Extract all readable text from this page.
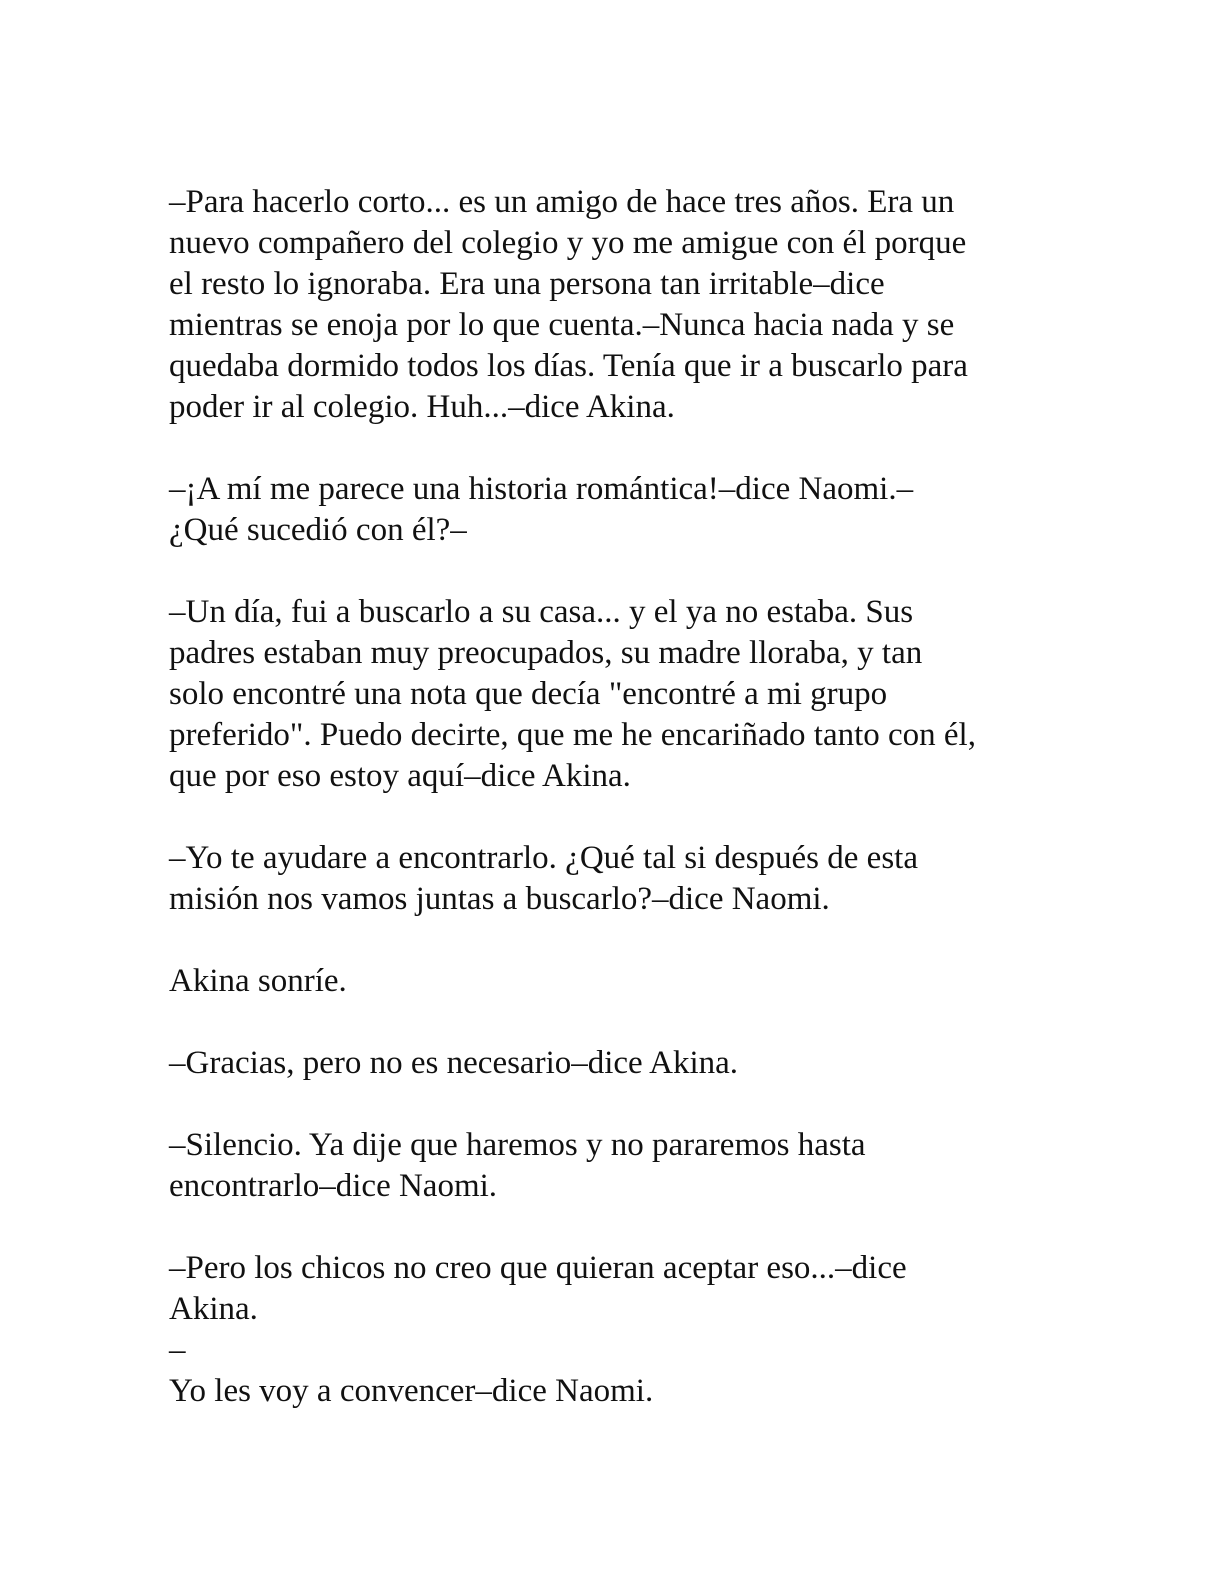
–Para hacerlo corto... es un amigo de hace tres años. Era un
nuevo compañero del colegio y yo me amigue con él porque
el resto lo ignoraba. Era una persona tan irritable–dice
mientras se enoja por lo que cuenta.–Nunca hacia nada y se
quedaba dormido todos los días. Tenía que ir a buscarlo para
poder ir al colegio. Huh...–dice Akina.

–¡A mí me parece una historia romántica!–dice Naomi.–
¿Qué sucedió con él?–

–Un día, fui a buscarlo a su casa... y el ya no estaba. Sus
padres estaban muy preocupados, su madre lloraba, y tan
solo encontré una nota que decía "encontré a mi grupo
preferido". Puedo decirte, que me he encariñado tanto con él,
que por eso estoy aquí–dice Akina.

–Yo te ayudare a encontrarlo. ¿Qué tal si después de esta
misión nos vamos juntas a buscarlo?–dice Naomi.

Akina sonríe.

–Gracias, pero no es necesario–dice Akina.

–Silencio. Ya dije que haremos y no pararemos hasta
encontrarlo–dice Naomi.

–Pero los chicos no creo que quieran aceptar eso...–dice
Akina.
–
Yo les voy a convencer–dice Naomi.
